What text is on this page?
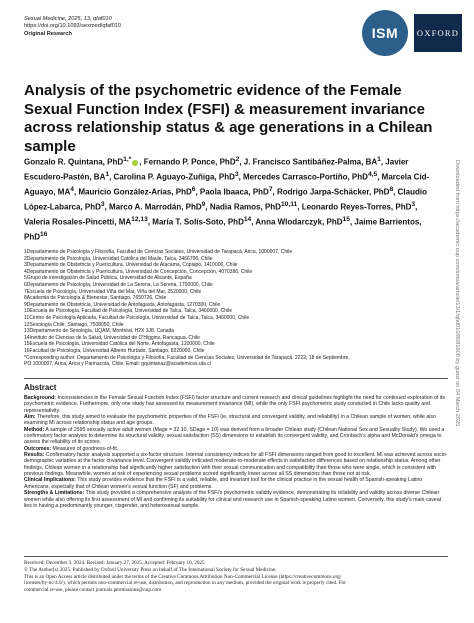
Sexual Medicine, 2025, 13, qfaf010
https://doi.org/10.1093/sexmed/qfaf010
Original Research	ISM	OXFORD
Analysis of the psychometric evidence of the Female Sexual Function Index (FSFI) & measurement invariance across relationship status & age generations in a Chilean sample
Gonzalo R. Quintana, PhD$^{1,*}$ , Fernando P. Ponce, PhD$^2$, J. Francisco Santibáñez-Palma, $BA^1$, Javier Escudero-Pastén, $BA^1$, Carolina P. Aguayo-Zuñiga, PhD$^3$, Mercedes Carrasco-Portiño, PhD$^{4,5}$, Marcela Cid-Aguayo, $MA^4$, Mauricio González-Arias, PhD$^6$, Paola Ibaaca, PhD$^7$, Rodrigo Jarpa-Schäcker, PhD$^8$, Claudio López-Labarca, PhD$^3$, Marco A. Marrodán, PhD$^9$, Nadia Ramos, PhD$^{10,11}$, Leonardo Reyes-Torres, PhD$^3$, Valeria Rosales-Pincetti, MA$^{12,13}$, María T. Solís-Soto, PhD$^{14}$, Anna Wlodarczyk, PhD$^{15}$, Jaime Barrientos, PhD$^{16}$
1Departamento de Psicología y Filosofía, Facultad de Ciencias Sociales, Universidad de Tarapacá, Arica, 1000007, Chile
2Departamento de Psicología, Universidad Católica del Maule, Talca, 3466706, Chile
3Departamento de Obstetricia y Puericultura, Universidad de Atacama, Copiapó, 1410000, Chile
4Departamento de Obstetricia y Puericultura, Universidad de Concepción, Concepción, 4070386, Chile
5Grupo de investigación de Salud Pública, Universidad de Alicante, España
6Departamento de Psicología, Universidad de La Serena, La Serena, 1700000, Chile
7Escuela de Psicología, Universidad Viña del Mar, Viña del Mar, 2520000, Chile
8Academia de Psicología & Bienestar, Santiago, 7650726, Chile
9Departamento de Obstetricia, Universidad de Antofagasta, Antofagasta, 1270300, Chile
10Escuela de Psicología, Facultad de Psicología, Universidad de Talca, Talca, 3460000, Chile
11Centro de Psicología Aplicada, Facultad de Psicología, Universidad de Talca, Talca, 3460000, Chile
12Sexología Chile, Santiago, 7508050, Chile
13Departamento de Sexología, UQAM, Montréal, H2X 3J8, Canada
14Instituto de Ciencias de la Salud, Universidad de O'Higgins, Rancagua, Chile
15Escuela de Psicología, Universidad Católica del Norte, Antofagasta, 1200000, Chile
16Facultad de Psicología, Universidad Alberto Hurtado, Santiago, 8320000, Chile
*Corresponding author: Departamento de Psicología y Filosofía, Facultad de Ciencias Sociales, Universidad de Tarapacá. 2222, 18 de Septiembre,
PO 1000007, Arica, Arica y Parinacota, Chile. Email: gquintanaz@academicos.uta.cl
Abstract

Background: Inconsistencies in the Female Sexual Function Index (FSFI) factor structure and current research and clinical guidelines highlight the need for continued exploration of its psychometric evidence. Furthermore, only one study has assessed its measurement invariance (MI), while the only FSFI psychometric study conducted in Chile lacks quality and representativity.

Aim: Therefore, this study aimed to evaluate the psychometric properties of the FSFI (ie, structural and convergent validity, and reliability) in a Chilean sample of women, while also examining MI across relationship status and age groups.

Method: A sample of 2595 sexually active adult women (Mage = 32.10, SDage = 10) was derived from a broader Chilean study (Chilean National Sex and Sexuality Study). We used a confirmatory factor analysis to determine its structural validity, sexual satisfaction (SS) dimensions to establish its convergent validity, and Cronbach's alpha and McDonald's omega to assess the reliability of its scores.

Outcomes: Measures of goodness-of-fit.

Results: Confirmatory factor analysis supported a six-factor structure. Internal consistency indices for all FSFI dimensions ranged from good to excellent. MI was achieved across socio-demographic variables at the factor covariance level. Convergent validity indicated moderate-to-moderate effects in satisfaction differences based on relationship status. Among other findings, Chilean women in a relationship had significantly higher satisfaction with their sexual communication and compatibility than those who were single, which is consistent with previous findings. Meanwhile, women at risk of experiencing sexual problems scored significantly lower across all SS dimensions than those not at risk.

Clinical Implications: This study provides evidence that the FSFI is a valid, reliable, and invariant tool for the clinical practice in the sexual health of Spanish-speaking Latino Americans, especially that of Chilean women's sexual function (SF) and problems.

Strengths & Limitations: This study provided a comprehensive analysis of the FSFI's psychometric validity evidence, demonstrating its reliability and validity across diverse Chilean women while also offering its first assessment of MI and confirming its suitability for clinical and research use in Spanish-speaking Latino women. Conversely, this study's main caveat lies in having a predominantly younger, cisgender, and heterosexual sample.

Received: December 3, 2024. Revised: January 27, 2025. Accepted: February 10, 2025
© The Author(s) 2025. Published by Oxford University Press on behalf of The International Society for Sexual Medicine.
This is an Open Access article distributed under the terms of the Creative Commons Attribution Non-Commercial License (https://creativecommons.org/
licenses/by-nc/4.0/), which permits non-commercial re-use, distribution, and reproduction in any medium, provided the original work is properly cited. For
commercial re-use, please contact journals.permissions@oup.com
Downloaded from https://academic.oup.com/smoa/article/13/1/qfaf010/8081608 by guest on 04 March 2025
